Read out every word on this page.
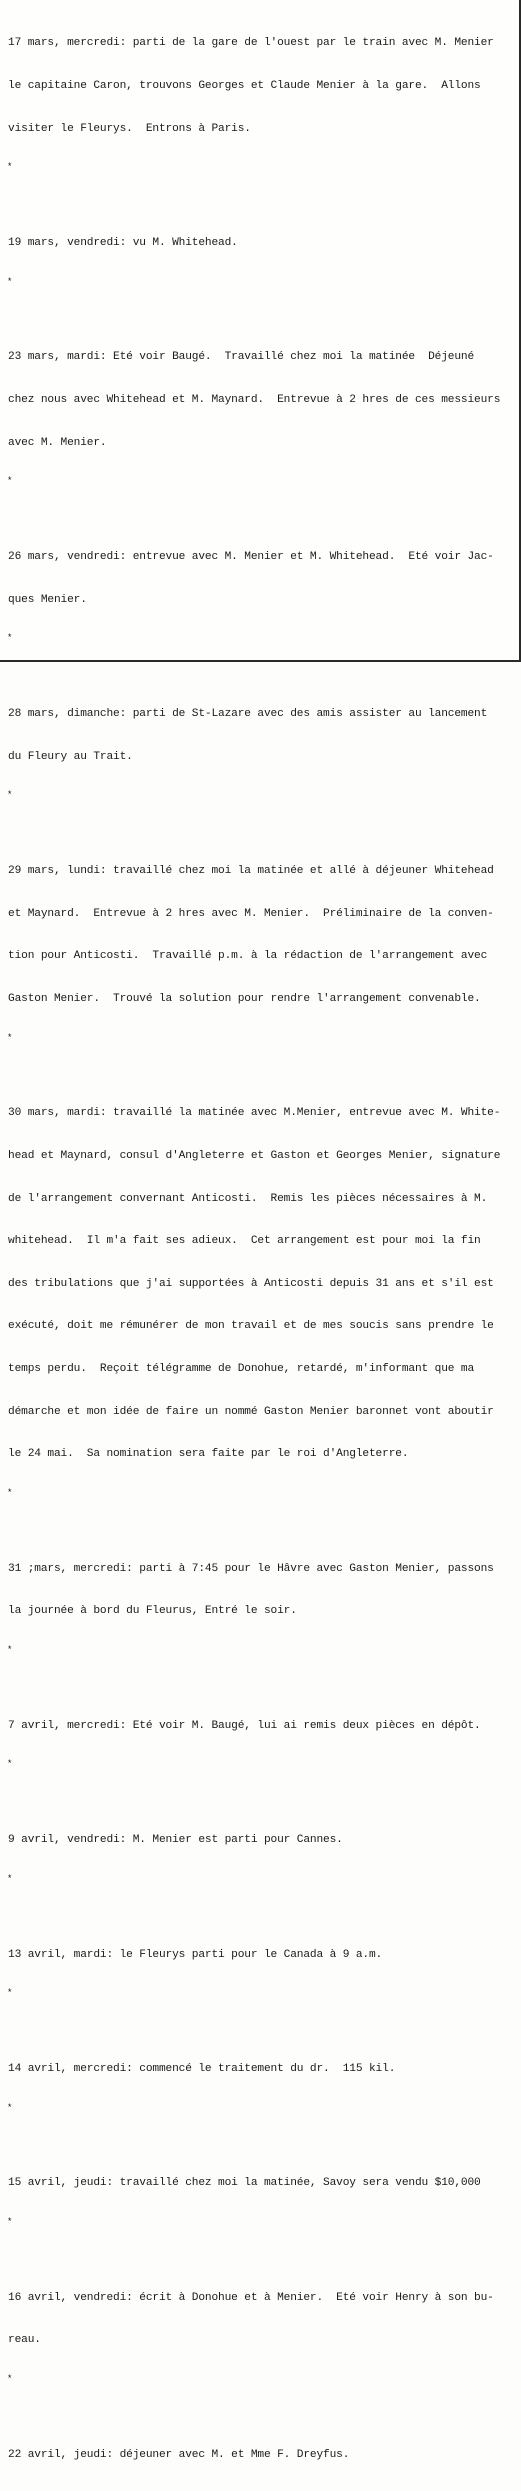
17 mars, mercredi: parti de la gare de l'ouest par le train avec M. Menier

le capitaine Caron, trouvons Georges et Claude Menier à la gare.  Allons

visiter le Fleurys.  Entrons à Paris.

*

19 mars, vendredi: vu M. Whitehead.

*

23 mars, mardi: Eté voir Baugé.  Travaillé chez moi la matinée  Déjeuné

chez nous avec Whitehead et M. Maynard.  Entrevue à 2 hres de ces messieurs

avec M. Menier.

*

26 mars, vendredi: entrevue avec M. Menier et M. Whitehead.  Eté voir Jac-

ques Menier.

*

28 mars, dimanche: parti de St-Lazare avec des amis assister au lancement

du Fleury au Trait.

*

29 mars, lundi: travaillé chez moi la matinée et allé à déjeuner Whitehead

et Maynard.  Entrevue à 2 hres avec M. Menier.  Préliminaire de la conven-

tion pour Anticosti.  Travaillé p.m. à la rédaction de l'arrangement avec

Gaston Menier.  Trouvé la solution pour rendre l'arrangement convenable.

*

30 mars, mardi: travaillé la matinée avec M.Menier, entrevue avec M. White-

head et Maynard, consul d'Angleterre et Gaston et Georges Menier, signature

de l'arrangement convernant Anticosti.  Remis les pièces nécessaires à M.

whitehead.  Il m'a fait ses adieux.  Cet arrangement est pour moi la fin

des tribulations que j'ai supportées à Anticosti depuis 31 ans et s'il est

exécuté, doit me rémunérer de mon travail et de mes soucis sans prendre le

temps perdu.  Reçoit télégramme de Donohue, retardé, m'informant que ma

démarche et mon idée de faire un nommé Gaston Menier baronnet vont aboutir

le 24 mai.  Sa nomination sera faite par le roi d'Angleterre.

*

31 ;mars, mercredi: parti à 7:45 pour le Hâvre avec Gaston Menier, passons

la journée à bord du Fleurus, Entré le soir.

*

7 avril, mercredi: Eté voir M. Baugé, lui ai remis deux pièces en dépôt.

*

9 avril, vendredi: M. Menier est parti pour Cannes.

*

13 avril, mardi: le Fleurys parti pour le Canada à 9 a.m.

*

14 avril, mercredi: commencé le traitement du dr.  115 kil.

*

15 avril, jeudi: travaillé chez moi la matinée, Savoy sera vendu $10,000

*

16 avril, vendredi: écrit à Donohue et à Menier.  Eté voir Henry à son bu-

reau.

*

22 avril, jeudi: déjeuner avec M. et Mme F. Dreyfus.
